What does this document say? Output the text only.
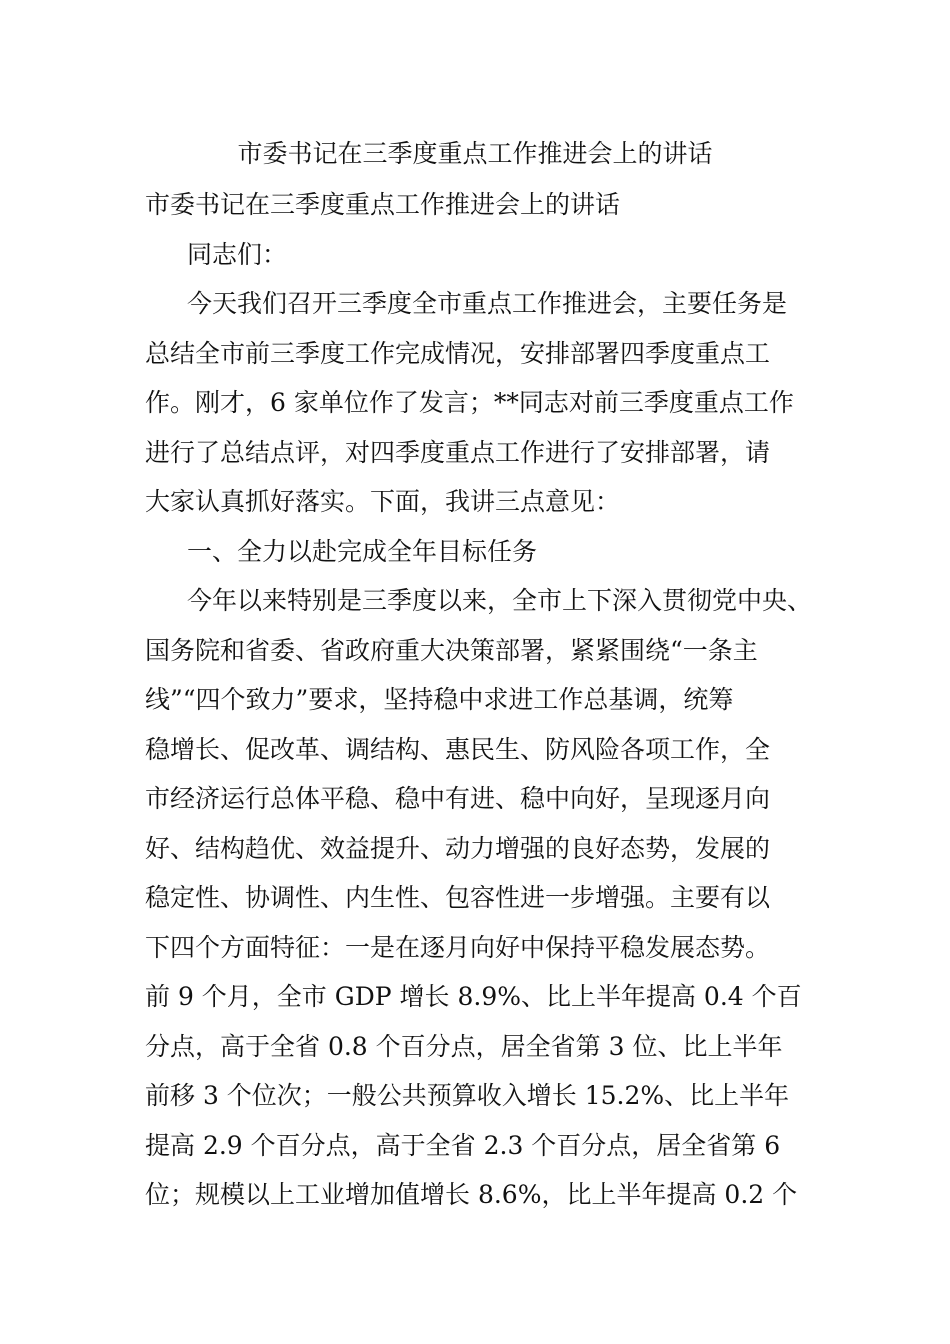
市委书记在三季度重点工作推进会上的讲话
市委书记在三季度重点工作推进会上的讲话
同志们：
今天我们召开三季度全市重点工作推进会，主要任务是
总结全市前三季度工作完成情况，安排部署四季度重点工
作。刚才，6 家单位作了发言；**同志对前三季度重点工作
进行了总结点评，对四季度重点工作进行了安排部署，请
大家认真抓好落实。下面，我讲三点意见：
一、全力以赴完成全年目标任务
今年以来特别是三季度以来，全市上下深入贯彻党中央、
国务院和省委、省政府重大决策部署，紧紧围绕“一条主
线”“四个致力”要求，坚持稳中求进工作总基调，统筹
稳增长、促改革、调结构、惠民生、防风险各项工作，全
市经济运行总体平稳、稳中有进、稳中向好，呈现逐月向
好、结构趋优、效益提升、动力增强的良好态势，发展的
稳定性、协调性、内生性、包容性进一步增强。主要有以
下四个方面特征：一是在逐月向好中保持平稳发展态势。
前 9 个月，全市 GDP 增长 8.9%、比上半年提高 0.4 个百
分点，高于全省 0.8 个百分点，居全省第 3 位、比上半年
前移 3 个位次；一般公共预算收入增长 15.2%、比上半年
提高 2.9 个百分点，高于全省 2.3 个百分点，居全省第 6
位；规模以上工业增加值增长 8.6%，比上半年提高 0.2 个
